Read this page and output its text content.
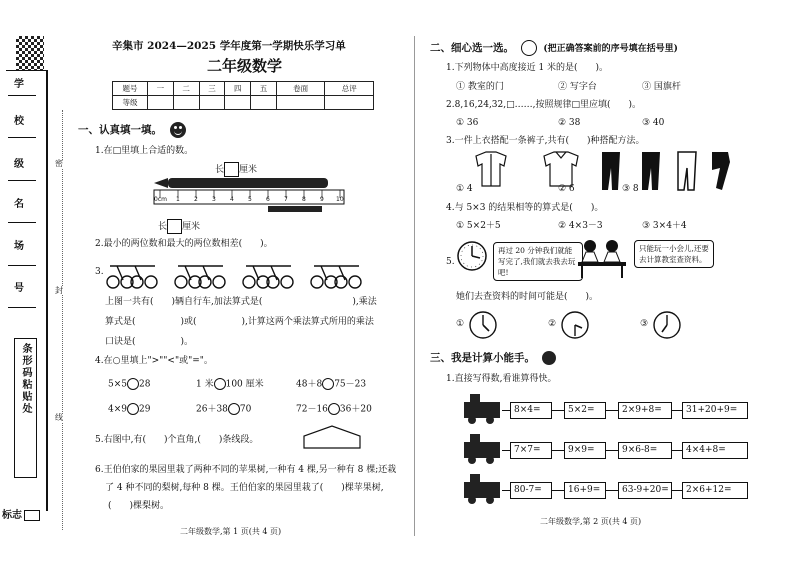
学
校
级
名
场
号
条形码粘贴处
标志
密
封
线
辛集市 2024—2025 学年度第一学期快乐学习单
二年级数学
题号	一	二	三	四	五	卷面	总评
等级							
一、认真填一填。
1.在□里填上合适的数。
长 厘米
0cm 1 2 3 4 5 6 7 8 9 10
长 厘米
2.最小的两位数和最大的两位数相差(　　)。
3.
上图一共有(　　)辆自行车,加法算式是(　　　　　　　　　　),乘法
算式是(　　　　　)或(　　　　　),计算这两个乘法算式所用的乘法
口诀是(　　　　　)。
4.在○里填上">""<"或"="。
5×5 28	1 米 100 厘米	48＋8 75－23
4×9 29	26＋38 70	72－16 36＋20
5.右图中,有(　　)个直角,(　　)条线段。
6.王伯伯家的果园里栽了两种不同的苹果树,一种有 4 棵,另一种有 8 棵;还栽
了 4 种不同的梨树,每种 8 棵。王伯伯家的果园里栽了(　　)棵苹果树,
(　　)棵梨树。
二年级数学,第 1 页(共 4 页)
二、细心选一选。	(把正确答案前的序号填在括号里)
1.下列物体中高度接近 1 米的是(　　)。
① 教室的门	② 写字台	③ 国旗杆
2.8,16,24,32,□……,按照规律□里应填(　　)。
① 36	② 38	③ 40
3.一件上衣搭配一条裤子,共有(　　)种搭配方法。
① 4	② 6	③ 8
4.与 5×3 的结果相等的算式是(　　)。
① 5×2＋5	② 4×3－3	③ 3×4＋4
5.
再过 20 分钟我们就能写完了,我们就去我去玩吧!
只能玩一小会儿,还要去计算教室查资料。
她们去查资料的时间可能是(　　)。
①	②	③
三、我是计算小能手。
1.直接写得数,看谁算得快。
8×4=	5×2=	2×9+8=	31+20+9=
7×7=	9×9=	9×6-8=	4×4+8=
80-7=	16+9=	63-9+20=	2×6+12=
二年级数学,第 2 页(共 4 页)
